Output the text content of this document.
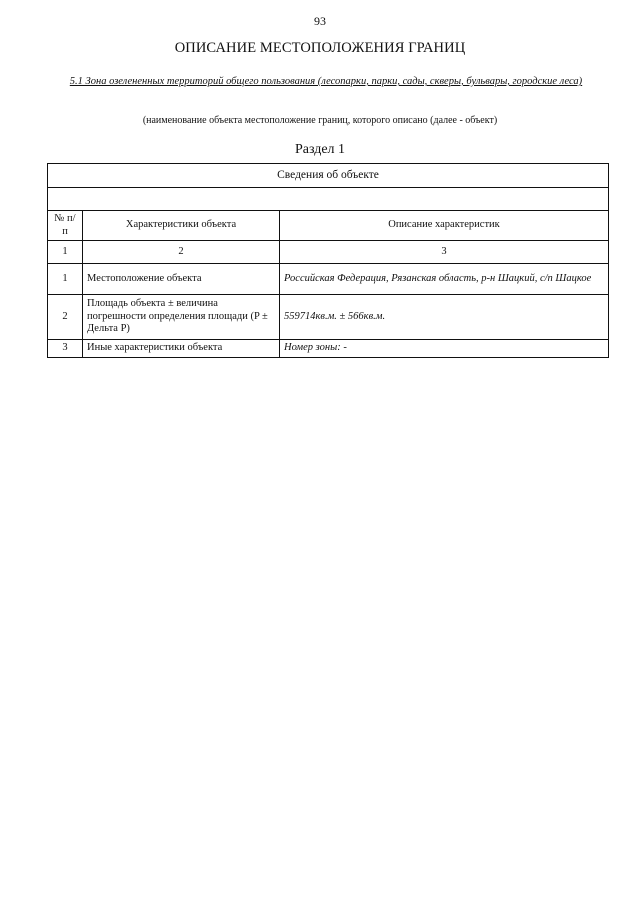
93
ОПИСАНИЕ МЕСТОПОЛОЖЕНИЯ ГРАНИЦ
5.1 Зона озелененных территорий общего пользования (лесопарки, парки, сады, скверы, бульвары, городские леса)
(наименование объекта местоположение границ, которого описано (далее - объект)
Раздел 1
Сведения об объекте		

№ п/п	Характеристики объекта	Описание характеристик
1	2	3
1	Местоположение объекта	Российская Федерация, Рязанская область, р-н Шацкий, с/п Шацкое
2	Площадь объекта ± величина погрешности определения площади (P ± Дельта P)	559714кв.м. ± 566кв.м.
3	Иные характеристики объекта	Номер зоны: -
